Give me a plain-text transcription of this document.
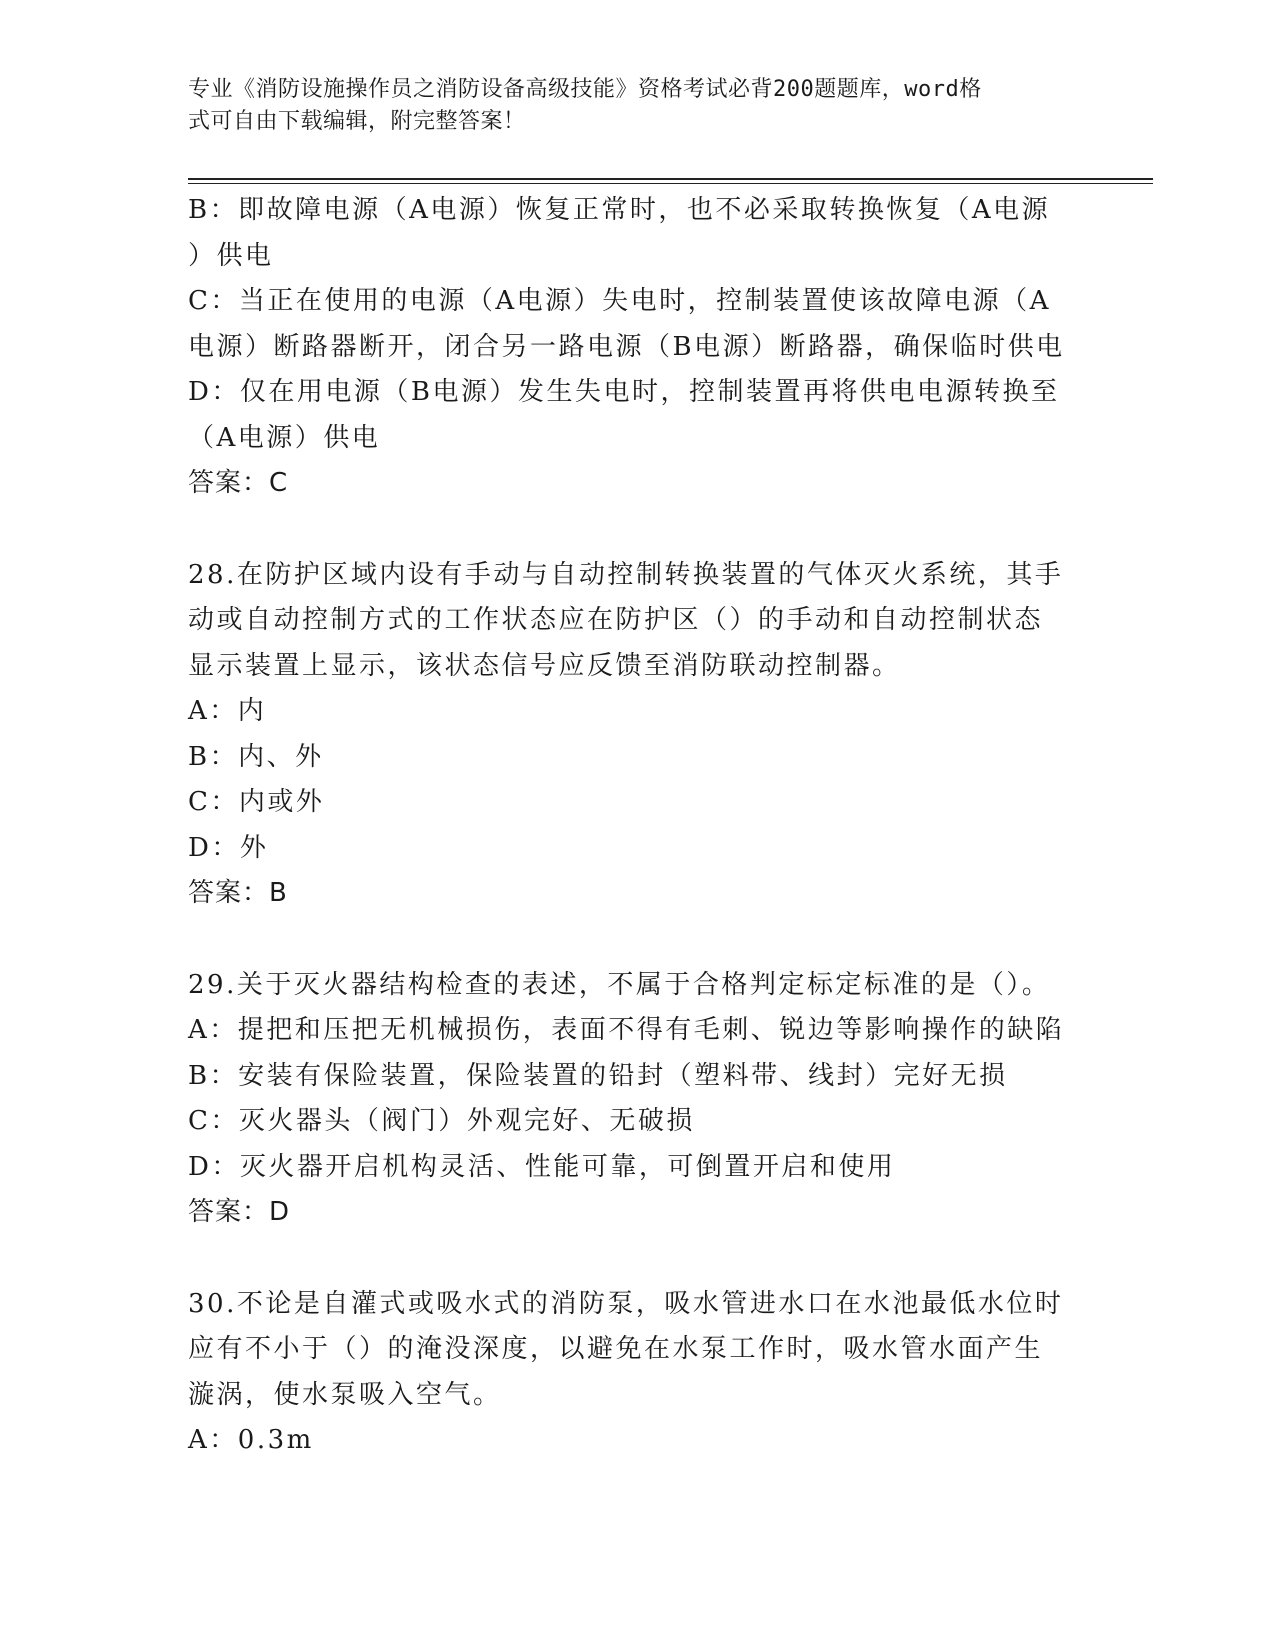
专业《消防设施操作员之消防设备高级技能》资格考试必背200题题库，word格
式可自由下载编辑，附完整答案！
B：即故障电源（A电源）恢复正常时，也不必采取转换恢复（A电源
）供电
C：当正在使用的电源（A电源）失电时，控制装置使该故障电源（A
电源）断路器断开，闭合另一路电源（B电源）断路器，确保临时供电
D：仅在用电源（B电源）发生失电时，控制装置再将供电电源转换至
（A电源）供电
答案：C
28.在防护区域内设有手动与自动控制转换装置的气体灭火系统，其手
动或自动控制方式的工作状态应在防护区（）的手动和自动控制状态
显示装置上显示，该状态信号应反馈至消防联动控制器。
A：内
B：内、外
C：内或外
D：外
答案：B
29.关于灭火器结构检查的表述，不属于合格判定标定标准的是（）。
A：提把和压把无机械损伤，表面不得有毛刺、锐边等影响操作的缺陷
B：安装有保险装置，保险装置的铅封（塑料带、线封）完好无损
C：灭火器头（阀门）外观完好、无破损
D：灭火器开启机构灵活、性能可靠，可倒置开启和使用
答案：D
30.不论是自灌式或吸水式的消防泵，吸水管进水口在水池最低水位时
应有不小于（）的淹没深度，以避免在水泵工作时，吸水管水面产生
漩涡，使水泵吸入空气。
A：0.3m
